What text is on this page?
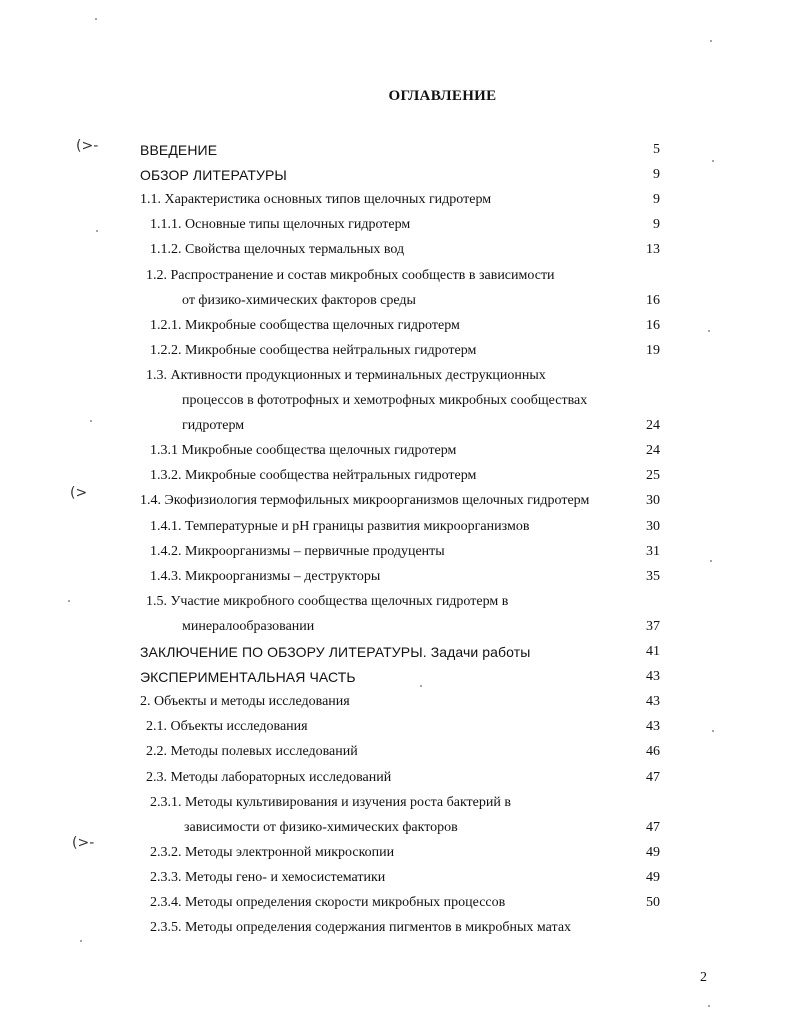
ОГЛАВЛЕНИЕ
ВВЕДЕНИЕ	5
ОБЗОР ЛИТЕРАТУРЫ	9
1.1. Характеристика основных типов щелочных гидротерм	9
1.1.1. Основные типы щелочных гидротерм	9
1.1.2. Свойства щелочных термальных вод	13
1.2. Распространение и состав микробных сообществ в зависимости
от физико-химических факторов среды	16
1.2.1. Микробные сообщества щелочных гидротерм	16
1.2.2. Микробные сообщества нейтральных гидротерм	19
1.3. Активности продукционных и терминальных деструкционных
процессов в фототрофных и хемотрофных микробных сообществах
гидротерм	24
1.3.1 Микробные сообщества щелочных гидротерм	24
1.3.2. Микробные сообщества нейтральных гидротерм	25
1.4. Экофизиология термофильных микроорганизмов щелочных гидротерм	30
1.4.1. Температурные и pH границы развития микроорганизмов	30
1.4.2. Микроорганизмы – первичные продуценты	31
1.4.3. Микроорганизмы – деструкторы	35
1.5. Участие микробного сообщества щелочных гидротерм в
минералообразовании	37
ЗАКЛЮЧЕНИЕ ПО ОБЗОРУ ЛИТЕРАТУРЫ. Задачи работы	41
ЭКСПЕРИМЕНТАЛЬНАЯ ЧАСТЬ	43
2. Объекты и методы исследования	43
2.1. Объекты исследования	43
2.2. Методы полевых исследований	46
2.3. Методы лабораторных исследований	47
2.3.1. Методы культивирования и изучения роста бактерий в
зависимости от физико-химических факторов	47
2.3.2. Методы электронной микроскопии	49
2.3.3. Методы гено- и хемосистематики	49
2.3.4. Методы определения скорости микробных процессов	50
2.3.5. Методы определения содержания пигментов в микробных матах
2
(>-
(>
(>-
